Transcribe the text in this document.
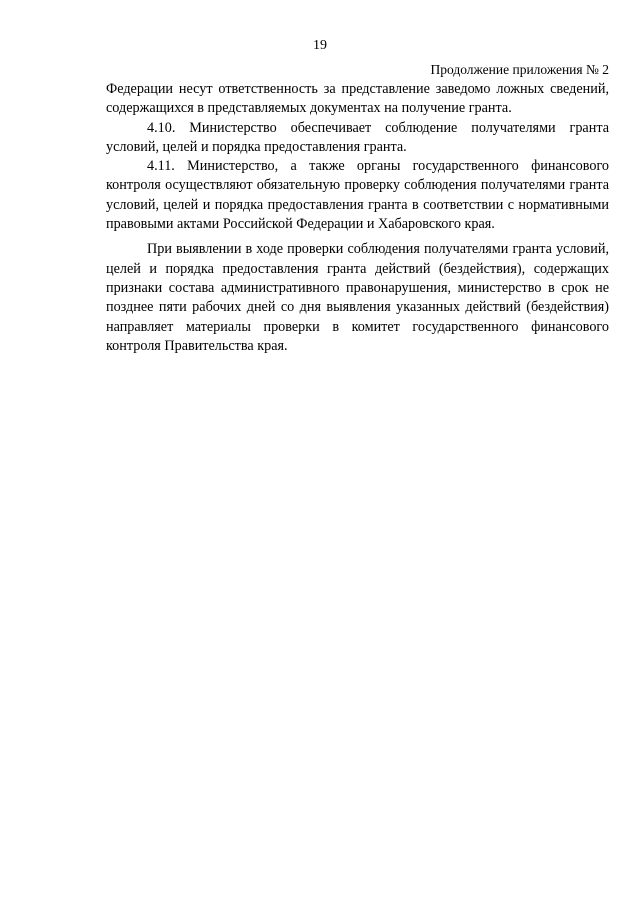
19
Продолжение приложения № 2

Федерации несут ответственность за представление заведомо ложных сведений, содержащихся в представляемых документах на получение гранта.

4.10. Министерство обеспечивает соблюдение получателями гранта условий, целей и порядка предоставления гранта.

4.11. Министерство, а также органы государственного финансового контроля осуществляют обязательную проверку соблюдения получателями гранта условий, целей и порядка предоставления гранта в соответствии с нормативными правовыми актами Российской Федерации и Хабаровского края.

При выявлении в ходе проверки соблюдения получателями гранта условий, целей и порядка предоставления гранта действий (бездействия), содержащих признаки состава административного правонарушения, министерство в срок не позднее пяти рабочих дней со дня выявления указанных действий (бездействия) направляет материалы проверки в комитет государственного финансового контроля Правительства края.
